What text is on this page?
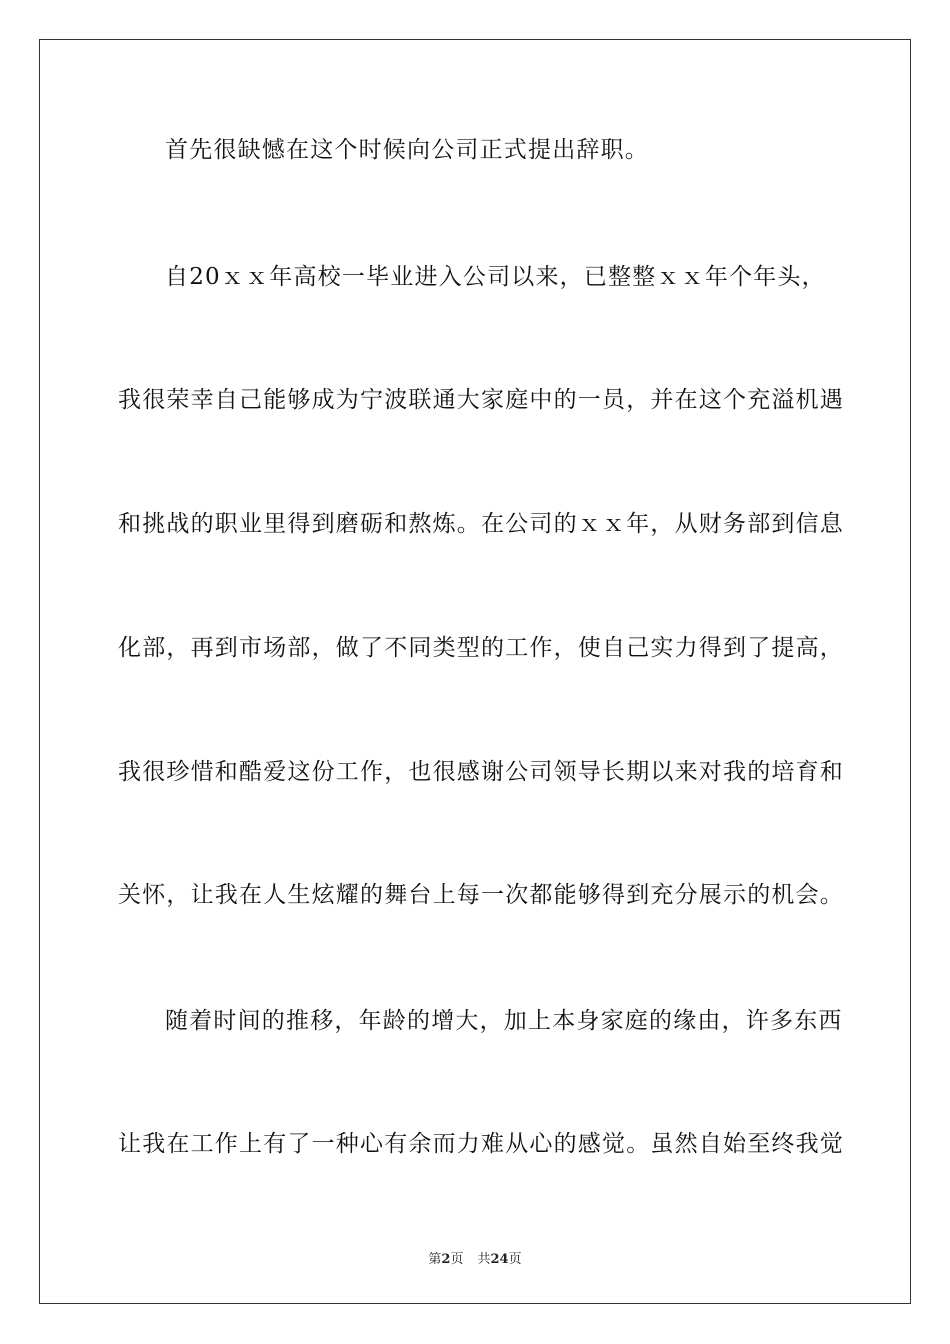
首先很缺憾在这个时候向公司正式提出辞职。
自20ｘｘ年高校一毕业进入公司以来，已整整ｘｘ年个年头，
我很荣幸自己能够成为宁波联通大家庭中的一员，并在这个充溢机遇
和挑战的职业里得到磨砺和熬炼。在公司的ｘｘ年，从财务部到信息
化部，再到市场部，做了不同类型的工作，使自己实力得到了提高，
我很珍惜和酷爱这份工作，也很感谢公司领导长期以来对我的培育和
关怀，让我在人生炫耀的舞台上每一次都能够得到充分展示的机会。
随着时间的推移，年龄的增大，加上本身家庭的缘由，许多东西
让我在工作上有了一种心有余而力难从心的感觉。虽然自始至终我觉
第2页 共24页
